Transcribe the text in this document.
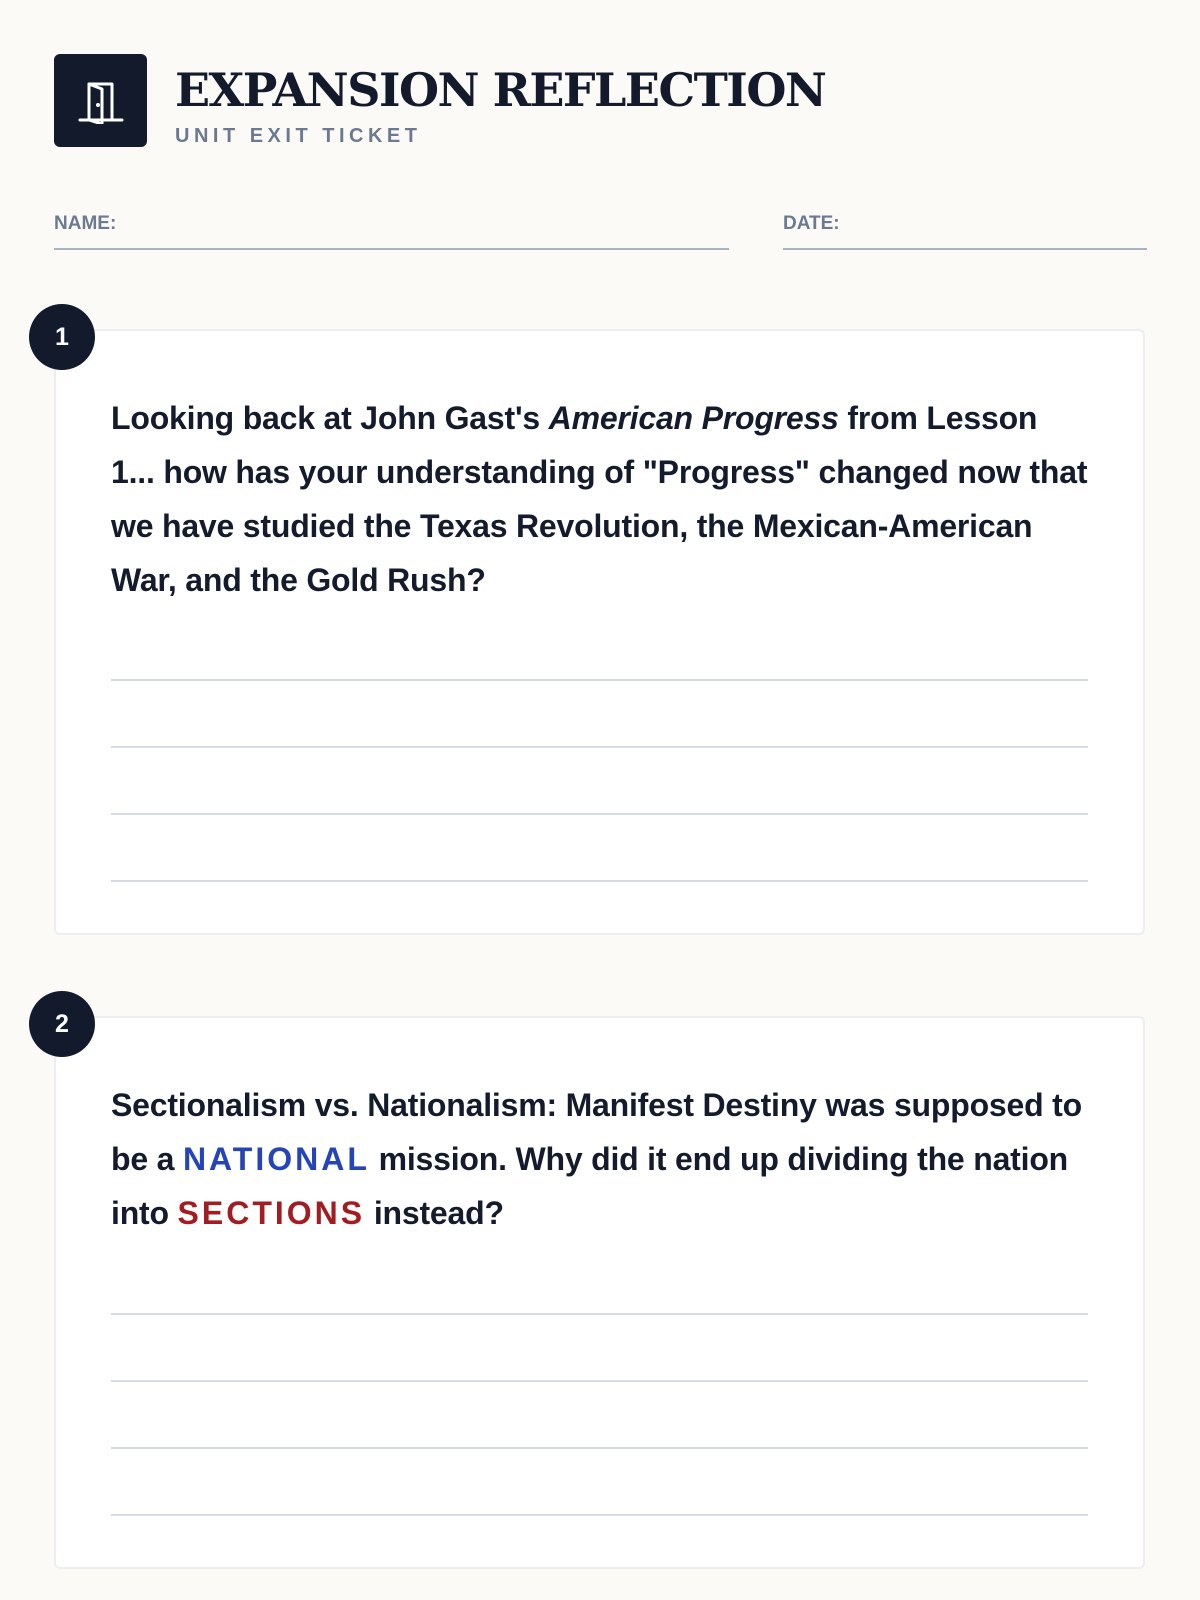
EXPANSION REFLECTION
UNIT EXIT TICKET
NAME:	DATE:
1
Looking back at John Gast's American Progress from Lesson 1... how has your understanding of "Progress" changed now that we have studied the Texas Revolution, the Mexican-American War, and the Gold Rush?
2
Sectionalism vs. Nationalism: Manifest Destiny was supposed to be a NATIONAL mission. Why did it end up dividing the nation into SECTIONS instead?
